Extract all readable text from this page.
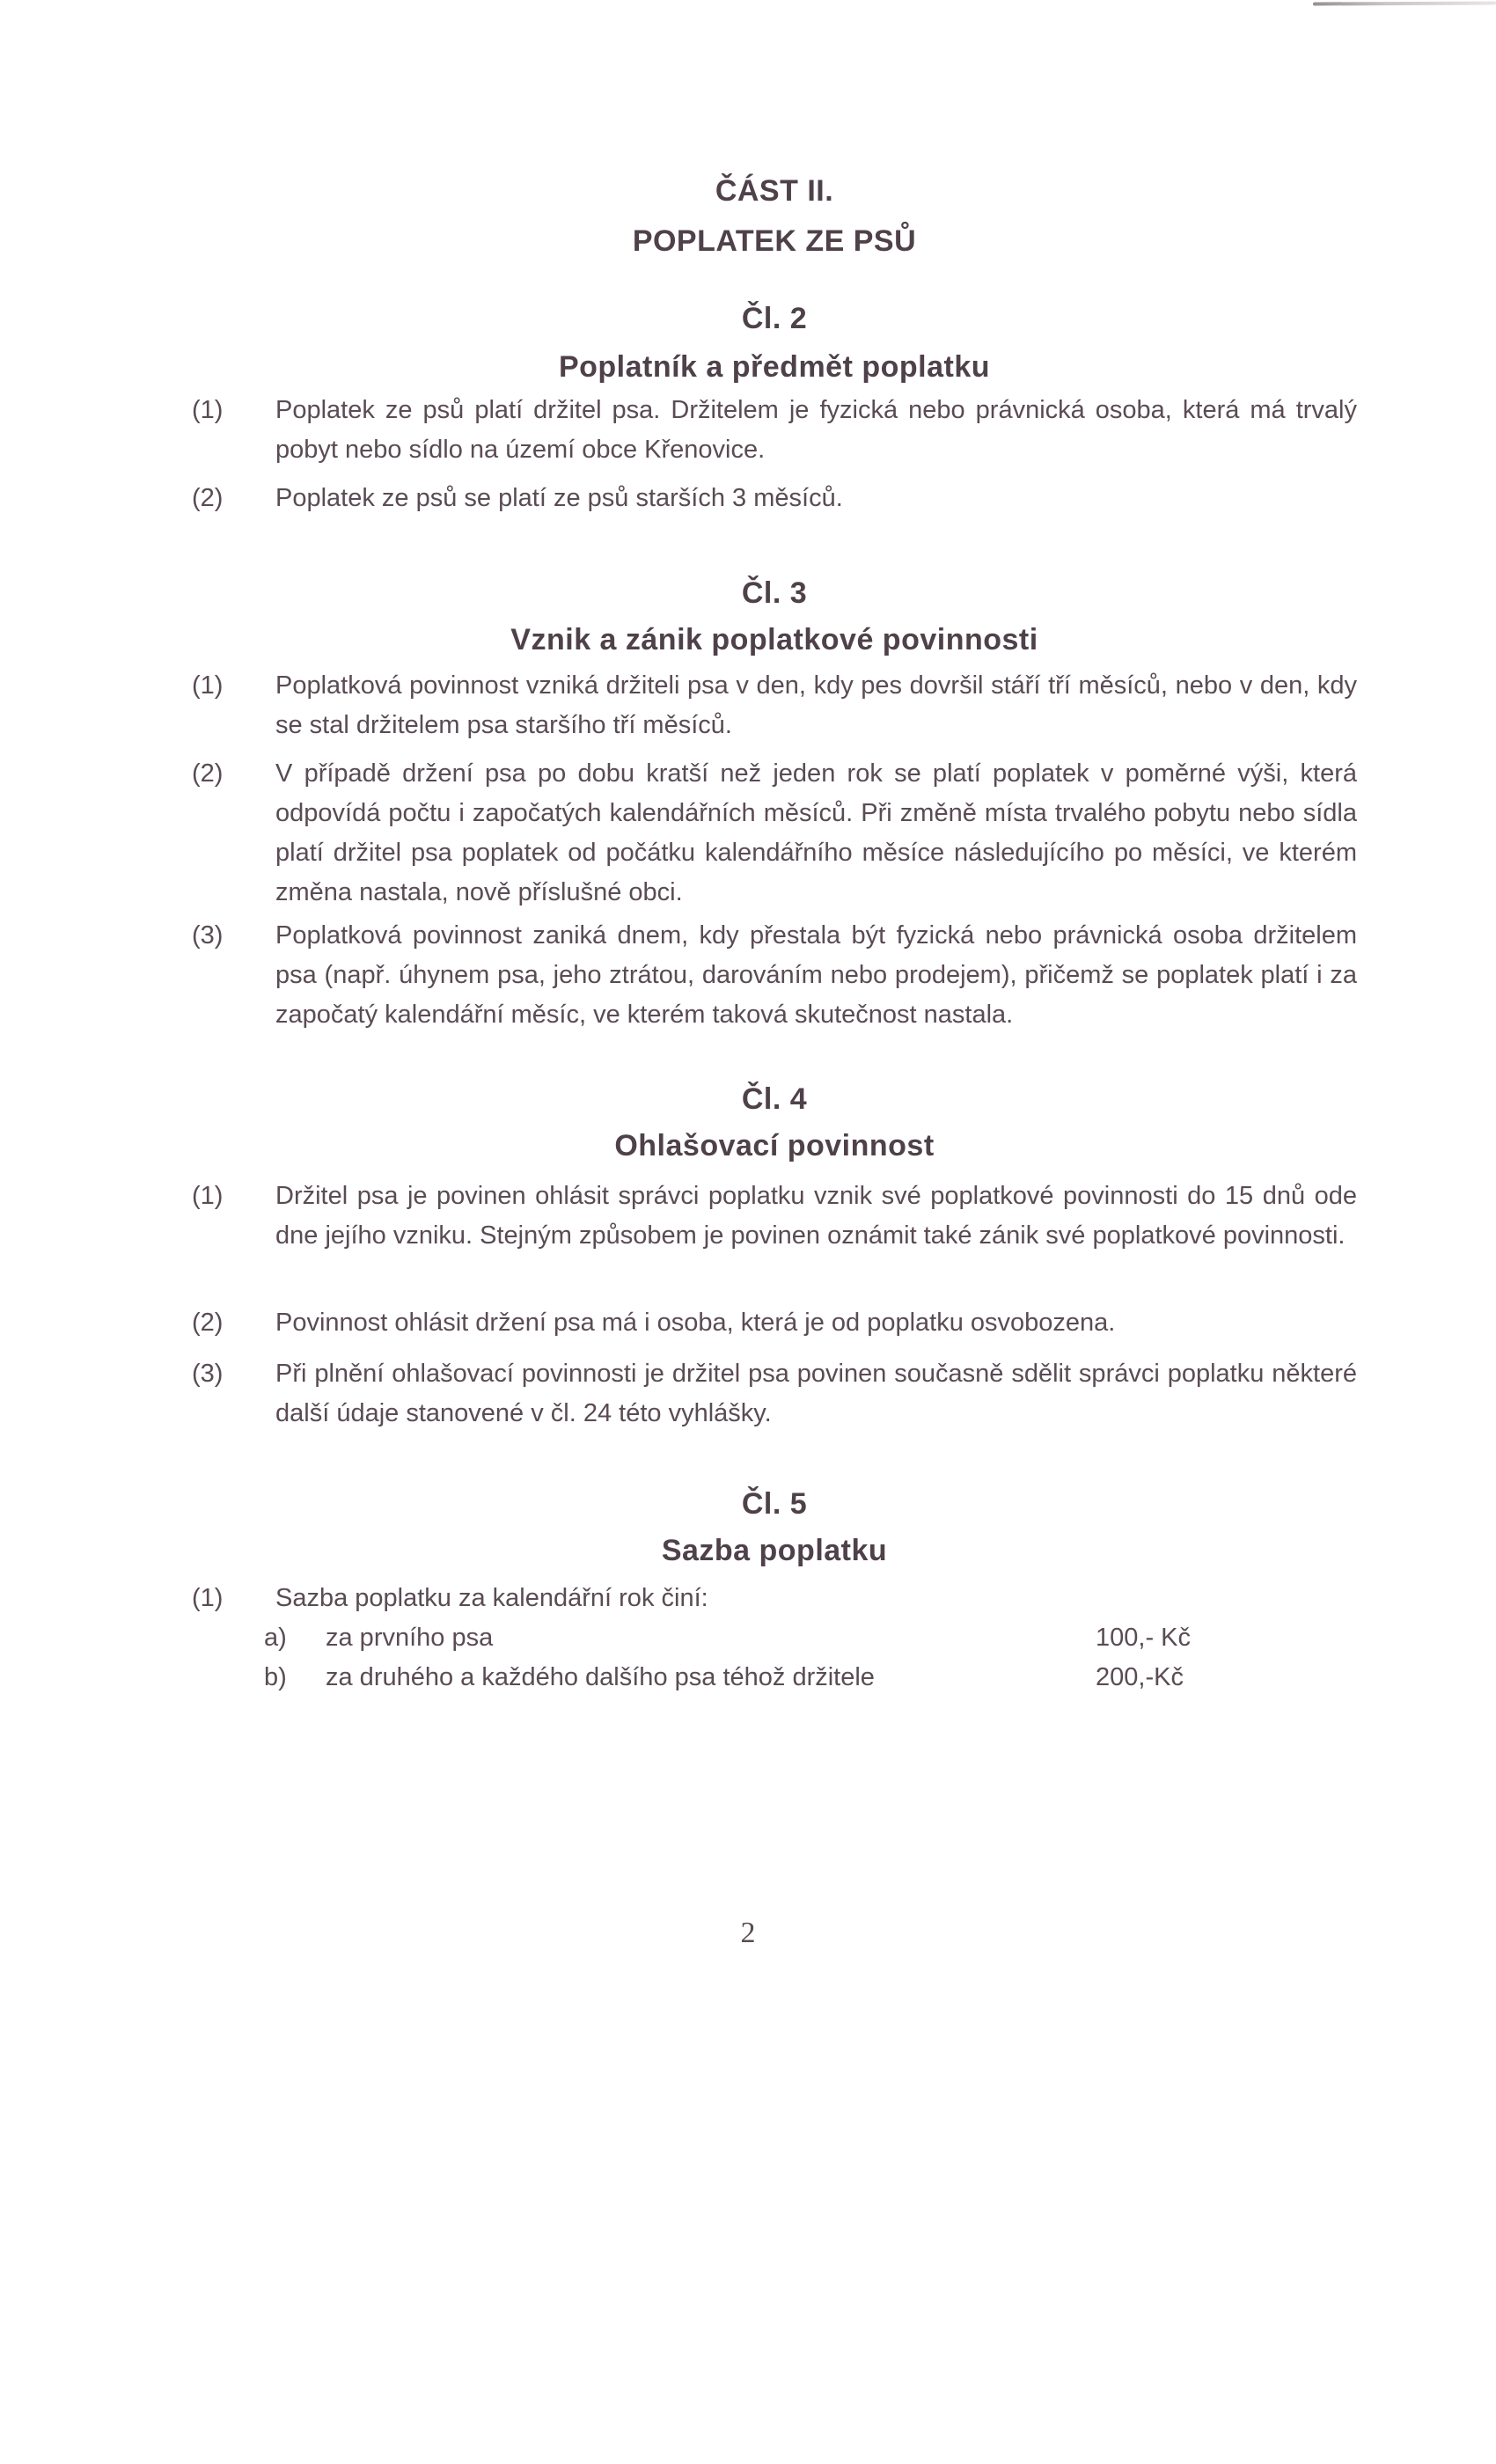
ČÁST II.
POPLATEK ZE PSŮ
Čl. 2
Poplatník a předmět poplatku
(1)	Poplatek ze psů platí držitel psa. Držitelem je fyzická nebo právnická osoba, která má trvalý pobyt nebo sídlo na území obce Křenovice.
(2)	Poplatek ze psů se platí ze psů starších 3 měsíců.
Čl. 3
Vznik a zánik poplatkové povinnosti
(1)	Poplatková povinnost vzniká držiteli psa v den, kdy pes dovršil stáří tří měsíců, nebo v den, kdy se stal držitelem psa staršího tří měsíců.
(2)	V případě držení psa po dobu kratší než jeden rok se platí poplatek v poměrné výši, která odpovídá počtu i započatých kalendářních měsíců. Při změně místa trvalého pobytu nebo sídla platí držitel psa poplatek od počátku kalendářního měsíce následujícího po měsíci, ve kterém změna nastala, nově příslušné obci.
(3)	Poplatková povinnost zaniká dnem, kdy přestala být fyzická nebo právnická osoba držitelem psa (např. úhynem psa, jeho ztrátou, darováním nebo prodejem), přičemž se poplatek platí i za započatý kalendářní měsíc, ve kterém taková skutečnost nastala.
Čl. 4
Ohlašovací povinnost
(1)	Držitel psa je povinen ohlásit správci poplatku vznik své poplatkové povinnosti do 15 dnů ode dne jejího vzniku. Stejným způsobem je povinen oznámit také zánik své poplatkové povinnosti.
(2)	Povinnost ohlásit držení psa má i osoba, která je od poplatku osvobozena.
(3)	Při plnění ohlašovací povinnosti je držitel psa povinen současně sdělit správci poplatku některé další údaje stanovené v čl. 24 této vyhlášky.
Čl. 5
Sazba poplatku
(1)	Sazba poplatku za kalendářní rok činí:
a)	za prvního psa	100,- Kč
b)	za druhého a každého dalšího psa téhož držitele	200,-Kč
2
